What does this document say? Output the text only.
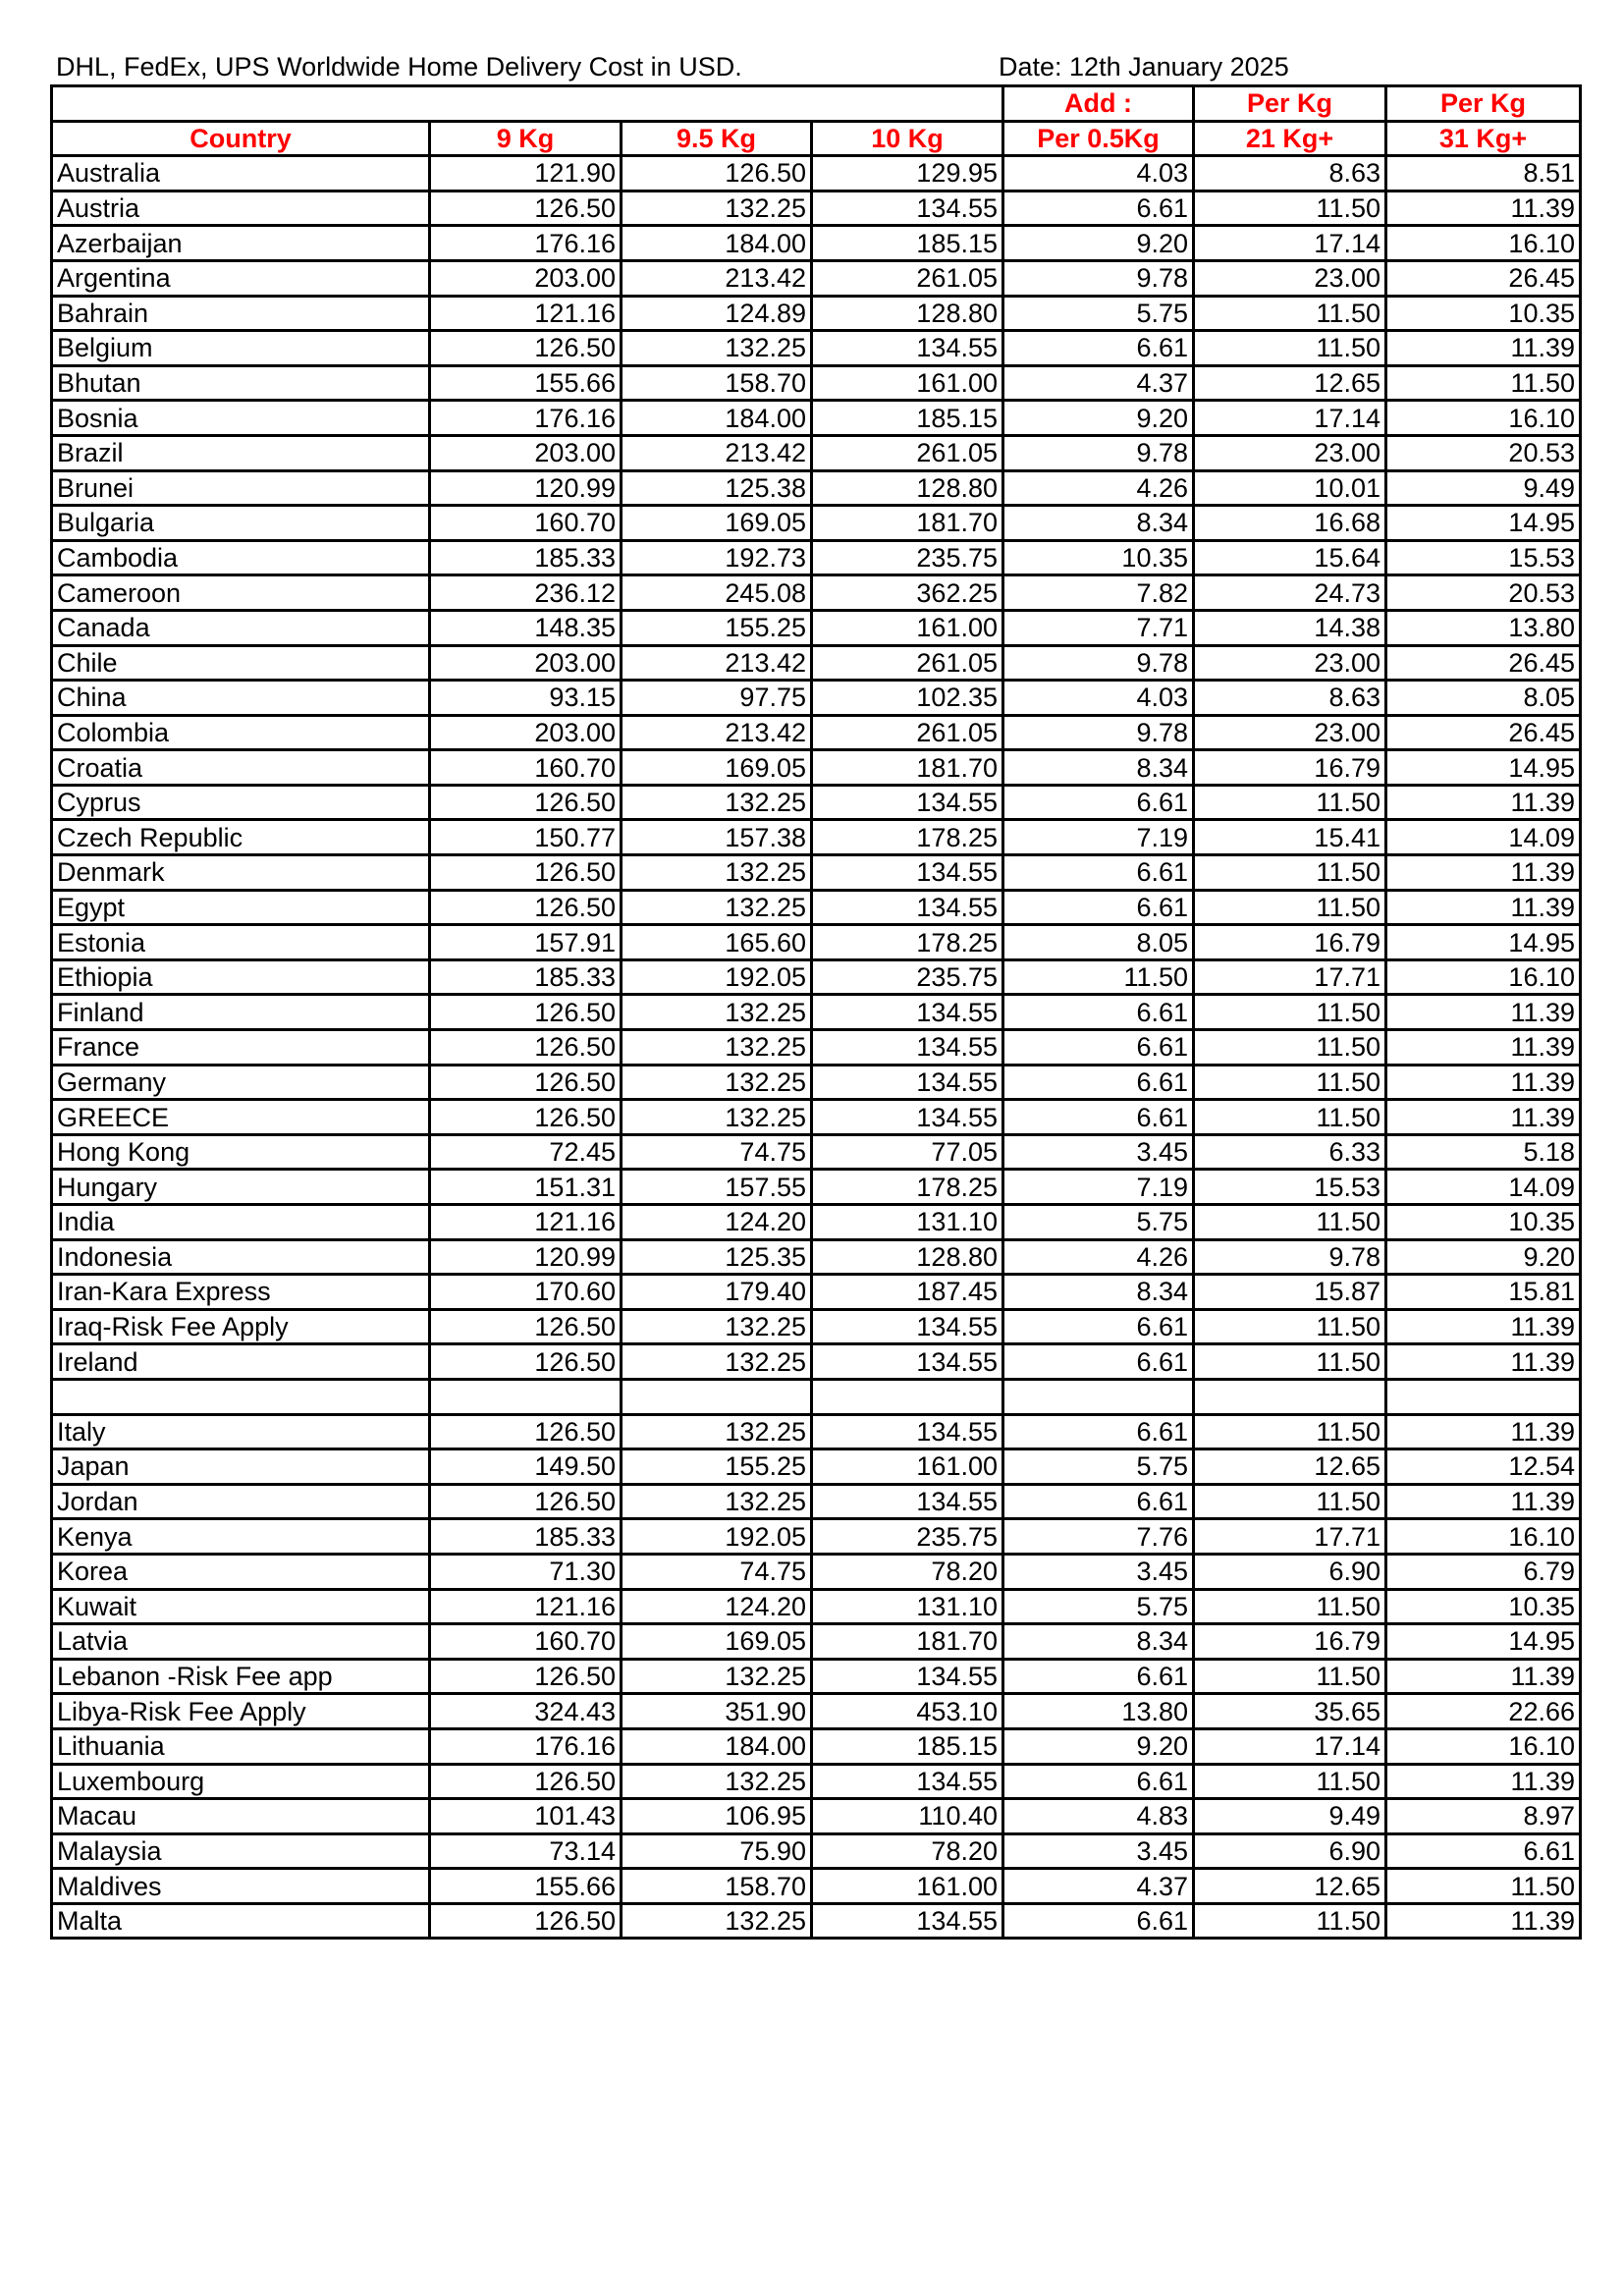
DHL, FedEx, UPS Worldwide Home Delivery Cost in USD.	Date: 12th January 2025
				Add :	Per Kg	Per Kg
Country	9 Kg	9.5 Kg	10 Kg	Per 0.5Kg	21 Kg+	31 Kg+
Australia	121.90	126.50	129.95	4.03	8.63	8.51
Austria	126.50	132.25	134.55	6.61	11.50	11.39
Azerbaijan	176.16	184.00	185.15	9.20	17.14	16.10
Argentina	203.00	213.42	261.05	9.78	23.00	26.45
Bahrain	121.16	124.89	128.80	5.75	11.50	10.35
Belgium	126.50	132.25	134.55	6.61	11.50	11.39
Bhutan	155.66	158.70	161.00	4.37	12.65	11.50
Bosnia	176.16	184.00	185.15	9.20	17.14	16.10
Brazil	203.00	213.42	261.05	9.78	23.00	20.53
Brunei	120.99	125.38	128.80	4.26	10.01	9.49
Bulgaria	160.70	169.05	181.70	8.34	16.68	14.95
Cambodia	185.33	192.73	235.75	10.35	15.64	15.53
Cameroon	236.12	245.08	362.25	7.82	24.73	20.53
Canada	148.35	155.25	161.00	7.71	14.38	13.80
Chile	203.00	213.42	261.05	9.78	23.00	26.45
China	93.15	97.75	102.35	4.03	8.63	8.05
Colombia	203.00	213.42	261.05	9.78	23.00	26.45
Croatia	160.70	169.05	181.70	8.34	16.79	14.95
Cyprus	126.50	132.25	134.55	6.61	11.50	11.39
Czech Republic	150.77	157.38	178.25	7.19	15.41	14.09
Denmark	126.50	132.25	134.55	6.61	11.50	11.39
Egypt	126.50	132.25	134.55	6.61	11.50	11.39
Estonia	157.91	165.60	178.25	8.05	16.79	14.95
Ethiopia	185.33	192.05	235.75	11.50	17.71	16.10
Finland	126.50	132.25	134.55	6.61	11.50	11.39
France	126.50	132.25	134.55	6.61	11.50	11.39
Germany	126.50	132.25	134.55	6.61	11.50	11.39
GREECE	126.50	132.25	134.55	6.61	11.50	11.39
Hong Kong	72.45	74.75	77.05	3.45	6.33	5.18
Hungary	151.31	157.55	178.25	7.19	15.53	14.09
India	121.16	124.20	131.10	5.75	11.50	10.35
Indonesia	120.99	125.35	128.80	4.26	9.78	9.20
Iran-Kara Express	170.60	179.40	187.45	8.34	15.87	15.81
Iraq-Risk Fee Apply	126.50	132.25	134.55	6.61	11.50	11.39
Ireland	126.50	132.25	134.55	6.61	11.50	11.39

Italy	126.50	132.25	134.55	6.61	11.50	11.39
Japan	149.50	155.25	161.00	5.75	12.65	12.54
Jordan	126.50	132.25	134.55	6.61	11.50	11.39
Kenya	185.33	192.05	235.75	7.76	17.71	16.10
Korea	71.30	74.75	78.20	3.45	6.90	6.79
Kuwait	121.16	124.20	131.10	5.75	11.50	10.35
Latvia	160.70	169.05	181.70	8.34	16.79	14.95
Lebanon -Risk Fee app	126.50	132.25	134.55	6.61	11.50	11.39
Libya-Risk Fee Apply	324.43	351.90	453.10	13.80	35.65	22.66
Lithuania	176.16	184.00	185.15	9.20	17.14	16.10
Luxembourg	126.50	132.25	134.55	6.61	11.50	11.39
Macau	101.43	106.95	110.40	4.83	9.49	8.97
Malaysia	73.14	75.90	78.20	3.45	6.90	6.61
Maldives	155.66	158.70	161.00	4.37	12.65	11.50
Malta	126.50	132.25	134.55	6.61	11.50	11.39
